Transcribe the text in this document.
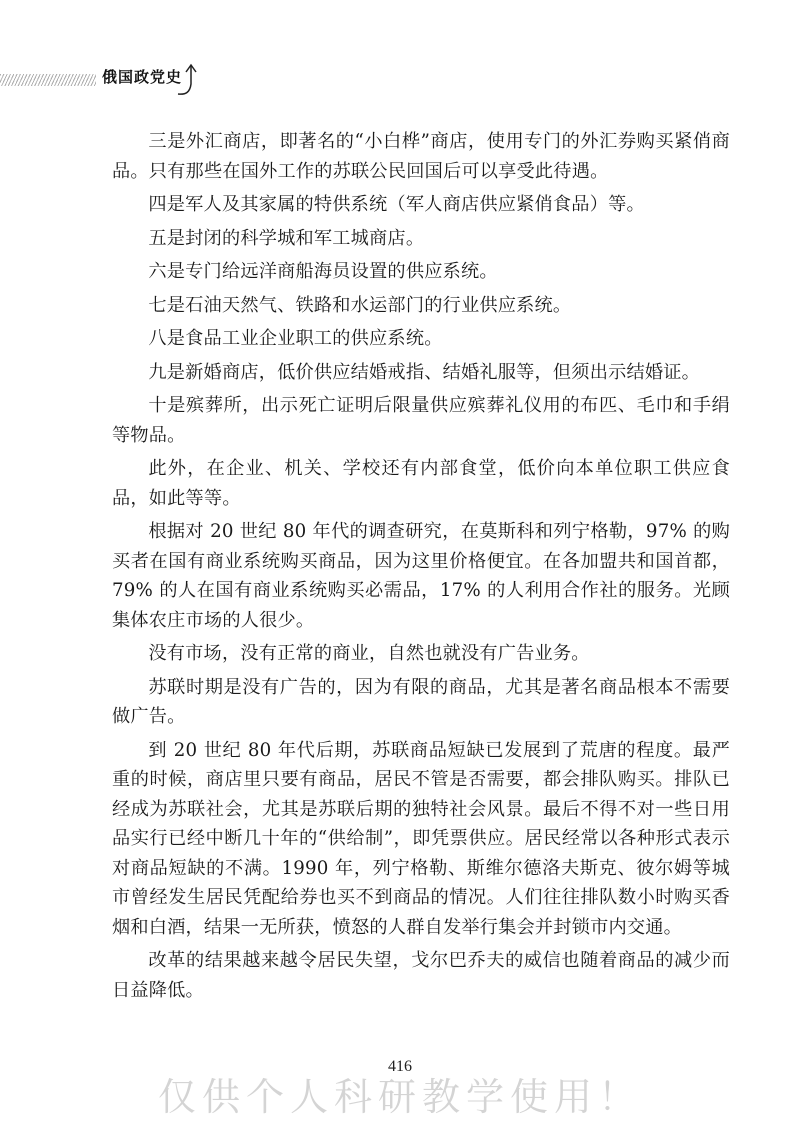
俄国政党史

三是外汇商店，即著名的“小白桦”商店，使用专门的外汇券购买紧俏商品。只有那些在国外工作的苏联公民回国后可以享受此待遇。

四是军人及其家属的特供系统（军人商店供应紧俏食品）等。

五是封闭的科学城和军工城商店。

六是专门给远洋商船海员设置的供应系统。

七是石油天然气、铁路和水运部门的行业供应系统。

八是食品工业企业职工的供应系统。

九是新婚商店，低价供应结婚戒指、结婚礼服等，但须出示结婚证。

十是殡葬所，出示死亡证明后限量供应殡葬礼仪用的布匹、毛巾和手绢等物品。

此外，在企业、机关、学校还有内部食堂，低价向本单位职工供应食品，如此等等。

根据对 20 世纪 80 年代的调查研究，在莫斯科和列宁格勒，97% 的购买者在国有商业系统购买商品，因为这里价格便宜。在各加盟共和国首都，79% 的人在国有商业系统购买必需品，17% 的人利用合作社的服务。光顾集体农庄市场的人很少。

没有市场，没有正常的商业，自然也就没有广告业务。

苏联时期是没有广告的，因为有限的商品，尤其是著名商品根本不需要做广告。

到 20 世纪 80 年代后期，苏联商品短缺已发展到了荒唐的程度。最严重的时候，商店里只要有商品，居民不管是否需要，都会排队购买。排队已经成为苏联社会，尤其是苏联后期的独特社会风景。最后不得不对一些日用品实行已经中断几十年的“供给制”，即凭票供应。居民经常以各种形式表示对商品短缺的不满。1990 年，列宁格勒、斯维尔德洛夫斯克、彼尔姆等城市曾经发生居民凭配给券也买不到商品的情况。人们往往排队数小时购买香烟和白酒，结果一无所获，愤怒的人群自发举行集会并封锁市内交通。

改革的结果越来越令居民失望，戈尔巴乔夫的威信也随着商品的减少而日益降低。

416
仅供个人科研教学使用！
